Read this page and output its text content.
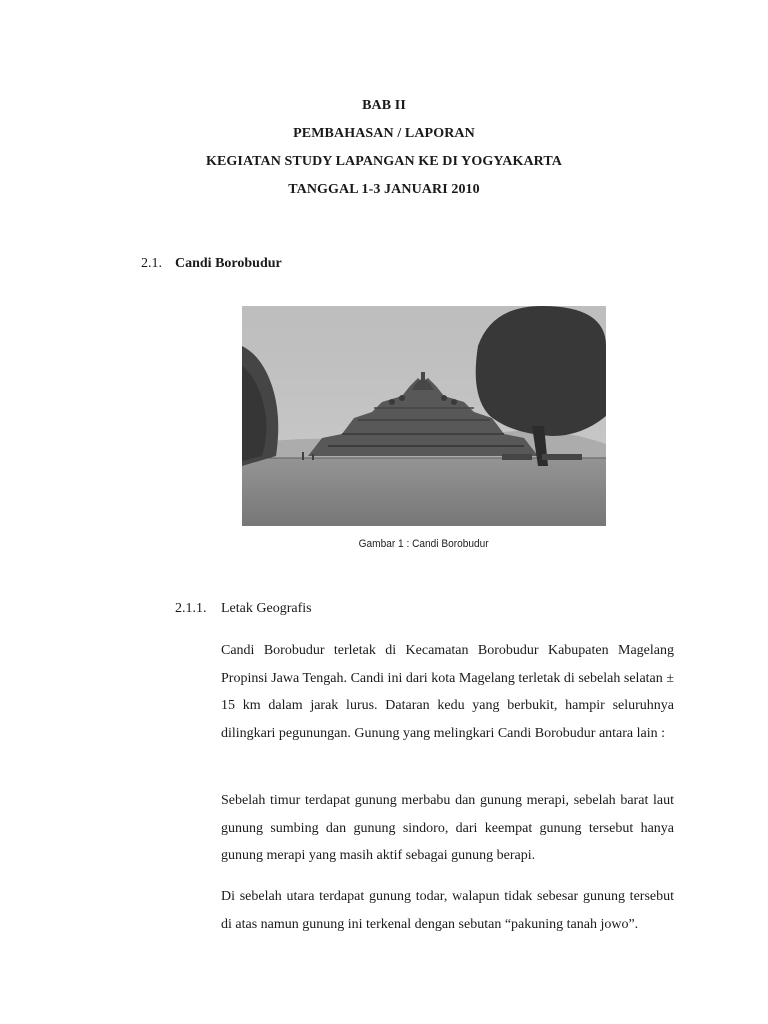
BAB II
PEMBAHASAN / LAPORAN
KEGIATAN STUDY LAPANGAN KE DI YOGYAKARTA
TANGGAL 1-3 JANUARI 2010
2.1. Candi Borobudur
Gambar 1 : Candi Borobudur
2.1.1. Letak Geografis

Candi Borobudur terletak di Kecamatan Borobudur Kabupaten Magelang Propinsi Jawa Tengah. Candi ini dari kota Magelang terletak di sebelah selatan ± 15 km dalam jarak lurus. Dataran kedu yang berbukit, hampir seluruhnya dilingkari pegunungan. Gunung yang melingkari Candi Borobudur antara lain :

Sebelah timur terdapat gunung merbabu dan gunung merapi, sebelah barat laut gunung sumbing dan gunung sindoro, dari keempat gunung tersebut hanya gunung merapi yang masih aktif sebagai gunung berapi.

Di sebelah utara terdapat gunung todar, walapun tidak sebesar gunung tersebut di atas namun gunung ini terkenal dengan sebutan “pakuning tanah jowo”.
